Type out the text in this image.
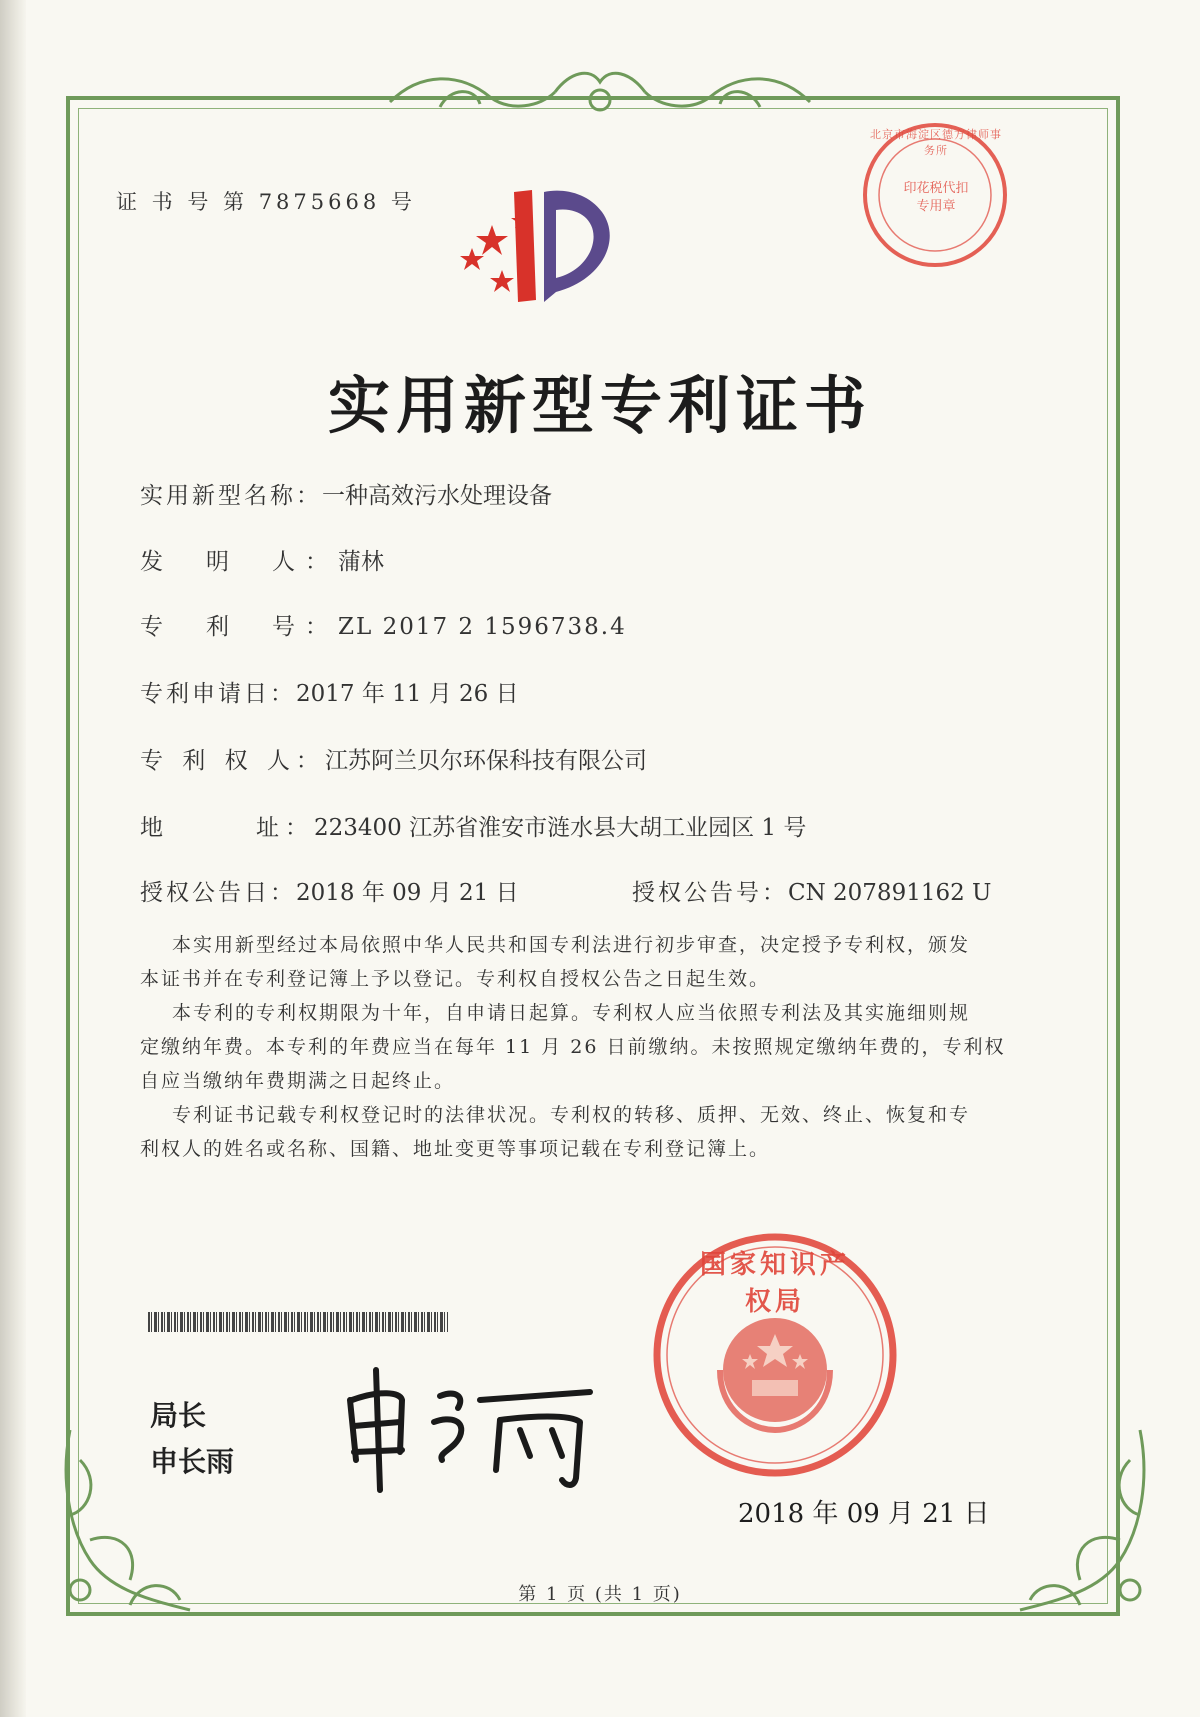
证 书 号 第 7875668 号
印花税代扣专用章
北京市海淀区德方律师事务所
实用新型专利证书
实用新型名称：一种高效污水处理设备
发　明　人：蒲林
专　利　号：ZL 2017 2 1596738.4
专利申请日：2017 年 11 月 26 日
专 利 权 人：江苏阿兰贝尔环保科技有限公司
地　　　址：223400 江苏省淮安市涟水县大胡工业园区 1 号
授权公告日：2018 年 09 月 21 日	授权公告号：CN 207891162 U
本实用新型经过本局依照中华人民共和国专利法进行初步审查，决定授予专利权，颁发
本证书并在专利登记簿上予以登记。专利权自授权公告之日起生效。
本专利的专利权期限为十年，自申请日起算。专利权人应当依照专利法及其实施细则规
定缴纳年费。本专利的年费应当在每年 11 月 26 日前缴纳。未按照规定缴纳年费的，专利权
自应当缴纳年费期满之日起终止。
专利证书记载专利权登记时的法律状况。专利权的转移、质押、无效、终止、恢复和专
利权人的姓名或名称、国籍、地址变更等事项记载在专利登记簿上。
局长
申长雨
国家知识产权局
2018 年 09 月 21 日
第 1 页 (共 1 页)
